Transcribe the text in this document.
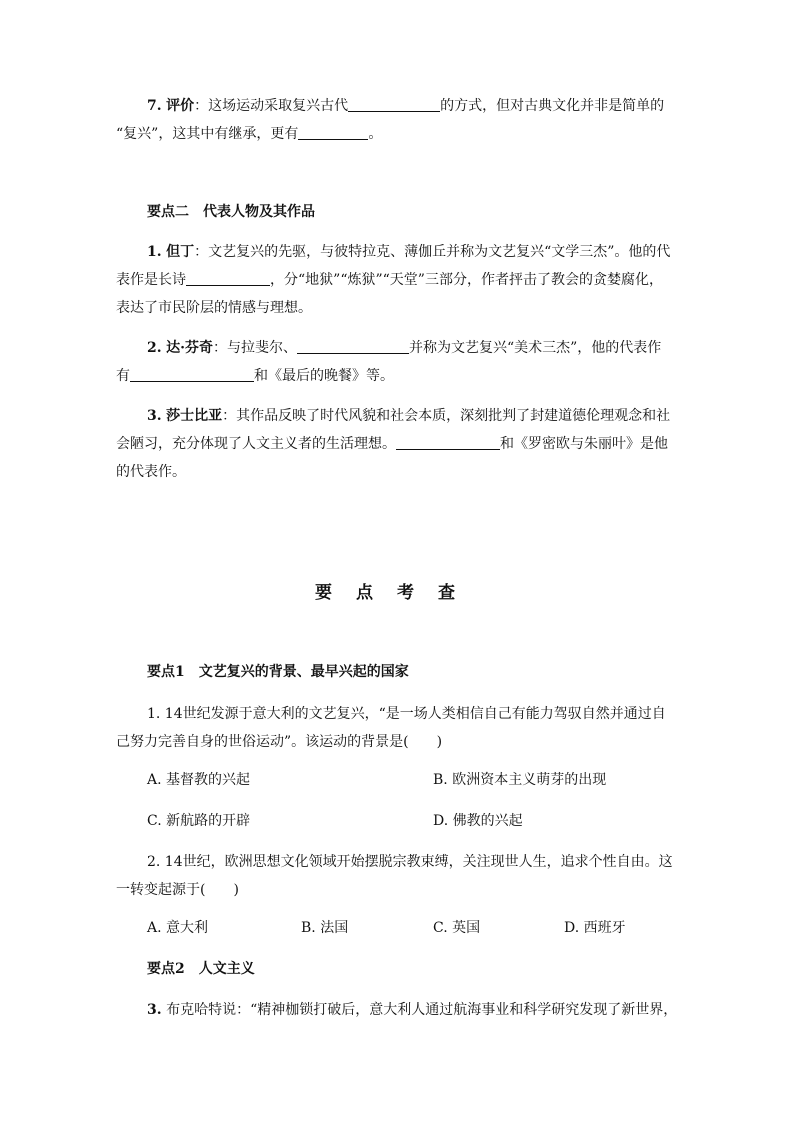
7. 评价：这场运动采取复兴古代	的方式，但对古典文化并非是简单的
“复兴”，这其中有继承，更有	。
要点二　代表人物及其作品
1. 但丁：文艺复兴的先驱，与彼特拉克、薄伽丘并称为文艺复兴“文学三杰”。他的代
表作是长诗	，分“地狱”“炼狱”“天堂”三部分，作者抨击了教会的贪婪腐化，
表达了市民阶层的情感与理想。
2. 达·芬奇：与拉斐尔、	并称为文艺复兴“美术三杰”，他的代表作
有	和《最后的晚餐》等。
3. 莎士比亚：其作品反映了时代风貌和社会本质，深刻批判了封建道德伦理观念和社
会陋习，充分体现了人文主义者的生活理想。	和《罗密欧与朱丽叶》是他
的代表作。
要点考查
要点1　文艺复兴的背景、最早兴起的国家
1. 14世纪发源于意大利的文艺复兴，“是一场人类相信自己有能力驾驭自然并通过自
己努力完善自身的世俗运动”。该运动的背景是(　　)
A. 基督教的兴起	B. 欧洲资本主义萌芽的出现
C. 新航路的开辟	D. 佛教的兴起
2. 14世纪，欧洲思想文化领域开始摆脱宗教束缚，关注现世人生，追求个性自由。这
一转变起源于(　　)
A. 意大利	B. 法国	C. 英国	D. 西班牙
要点2　人文主义
3. 布克哈特说：“精神枷锁打破后，意大利人通过航海事业和科学研究发现了新世界，
